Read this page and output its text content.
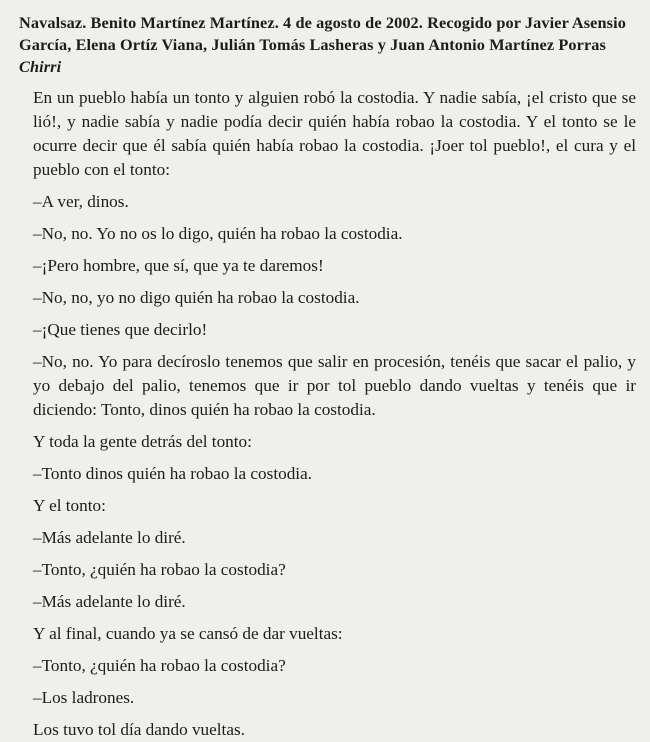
Navalsaz. Benito Martínez Martínez. 4 de agosto de 2002. Recogido por Javier Asensio García, Elena Ortíz Viana, Julián Tomás Lasheras y Juan Antonio Martínez Porras
Chirri

En un pueblo había un tonto y alguien robó la costodia. Y nadie sabía, ¡el cristo que se lió!, y nadie sabía y nadie podía decir quién había robao la costodia. Y el tonto se le ocurre decir que él sabía quién había robao la costodia. ¡Joer tol pueblo!, el cura y el pueblo con el tonto:

–A ver, dinos.

–No, no. Yo no os lo digo, quién ha robao la costodia.

–¡Pero hombre, que sí, que ya te daremos!

–No, no, yo no digo quién ha robao la costodia.

–¡Que tienes que decirlo!

–No, no. Yo para decíroslo tenemos que salir en procesión, tenéis que sacar el palio, y yo debajo del palio, tenemos que ir por tol pueblo dando vueltas y tenéis que ir diciendo: Tonto, dinos quién ha robao la costodia.

Y toda la gente detrás del tonto:

–Tonto dinos quién ha robao la costodia.

Y el tonto:

–Más adelante lo diré.

–Tonto, ¿quién ha robao la costodia?

–Más adelante lo diré.

Y al final, cuando ya se cansó de dar vueltas:

–Tonto, ¿quién ha robao la costodia?

–Los ladrones.

Los tuvo tol día dando vueltas.
